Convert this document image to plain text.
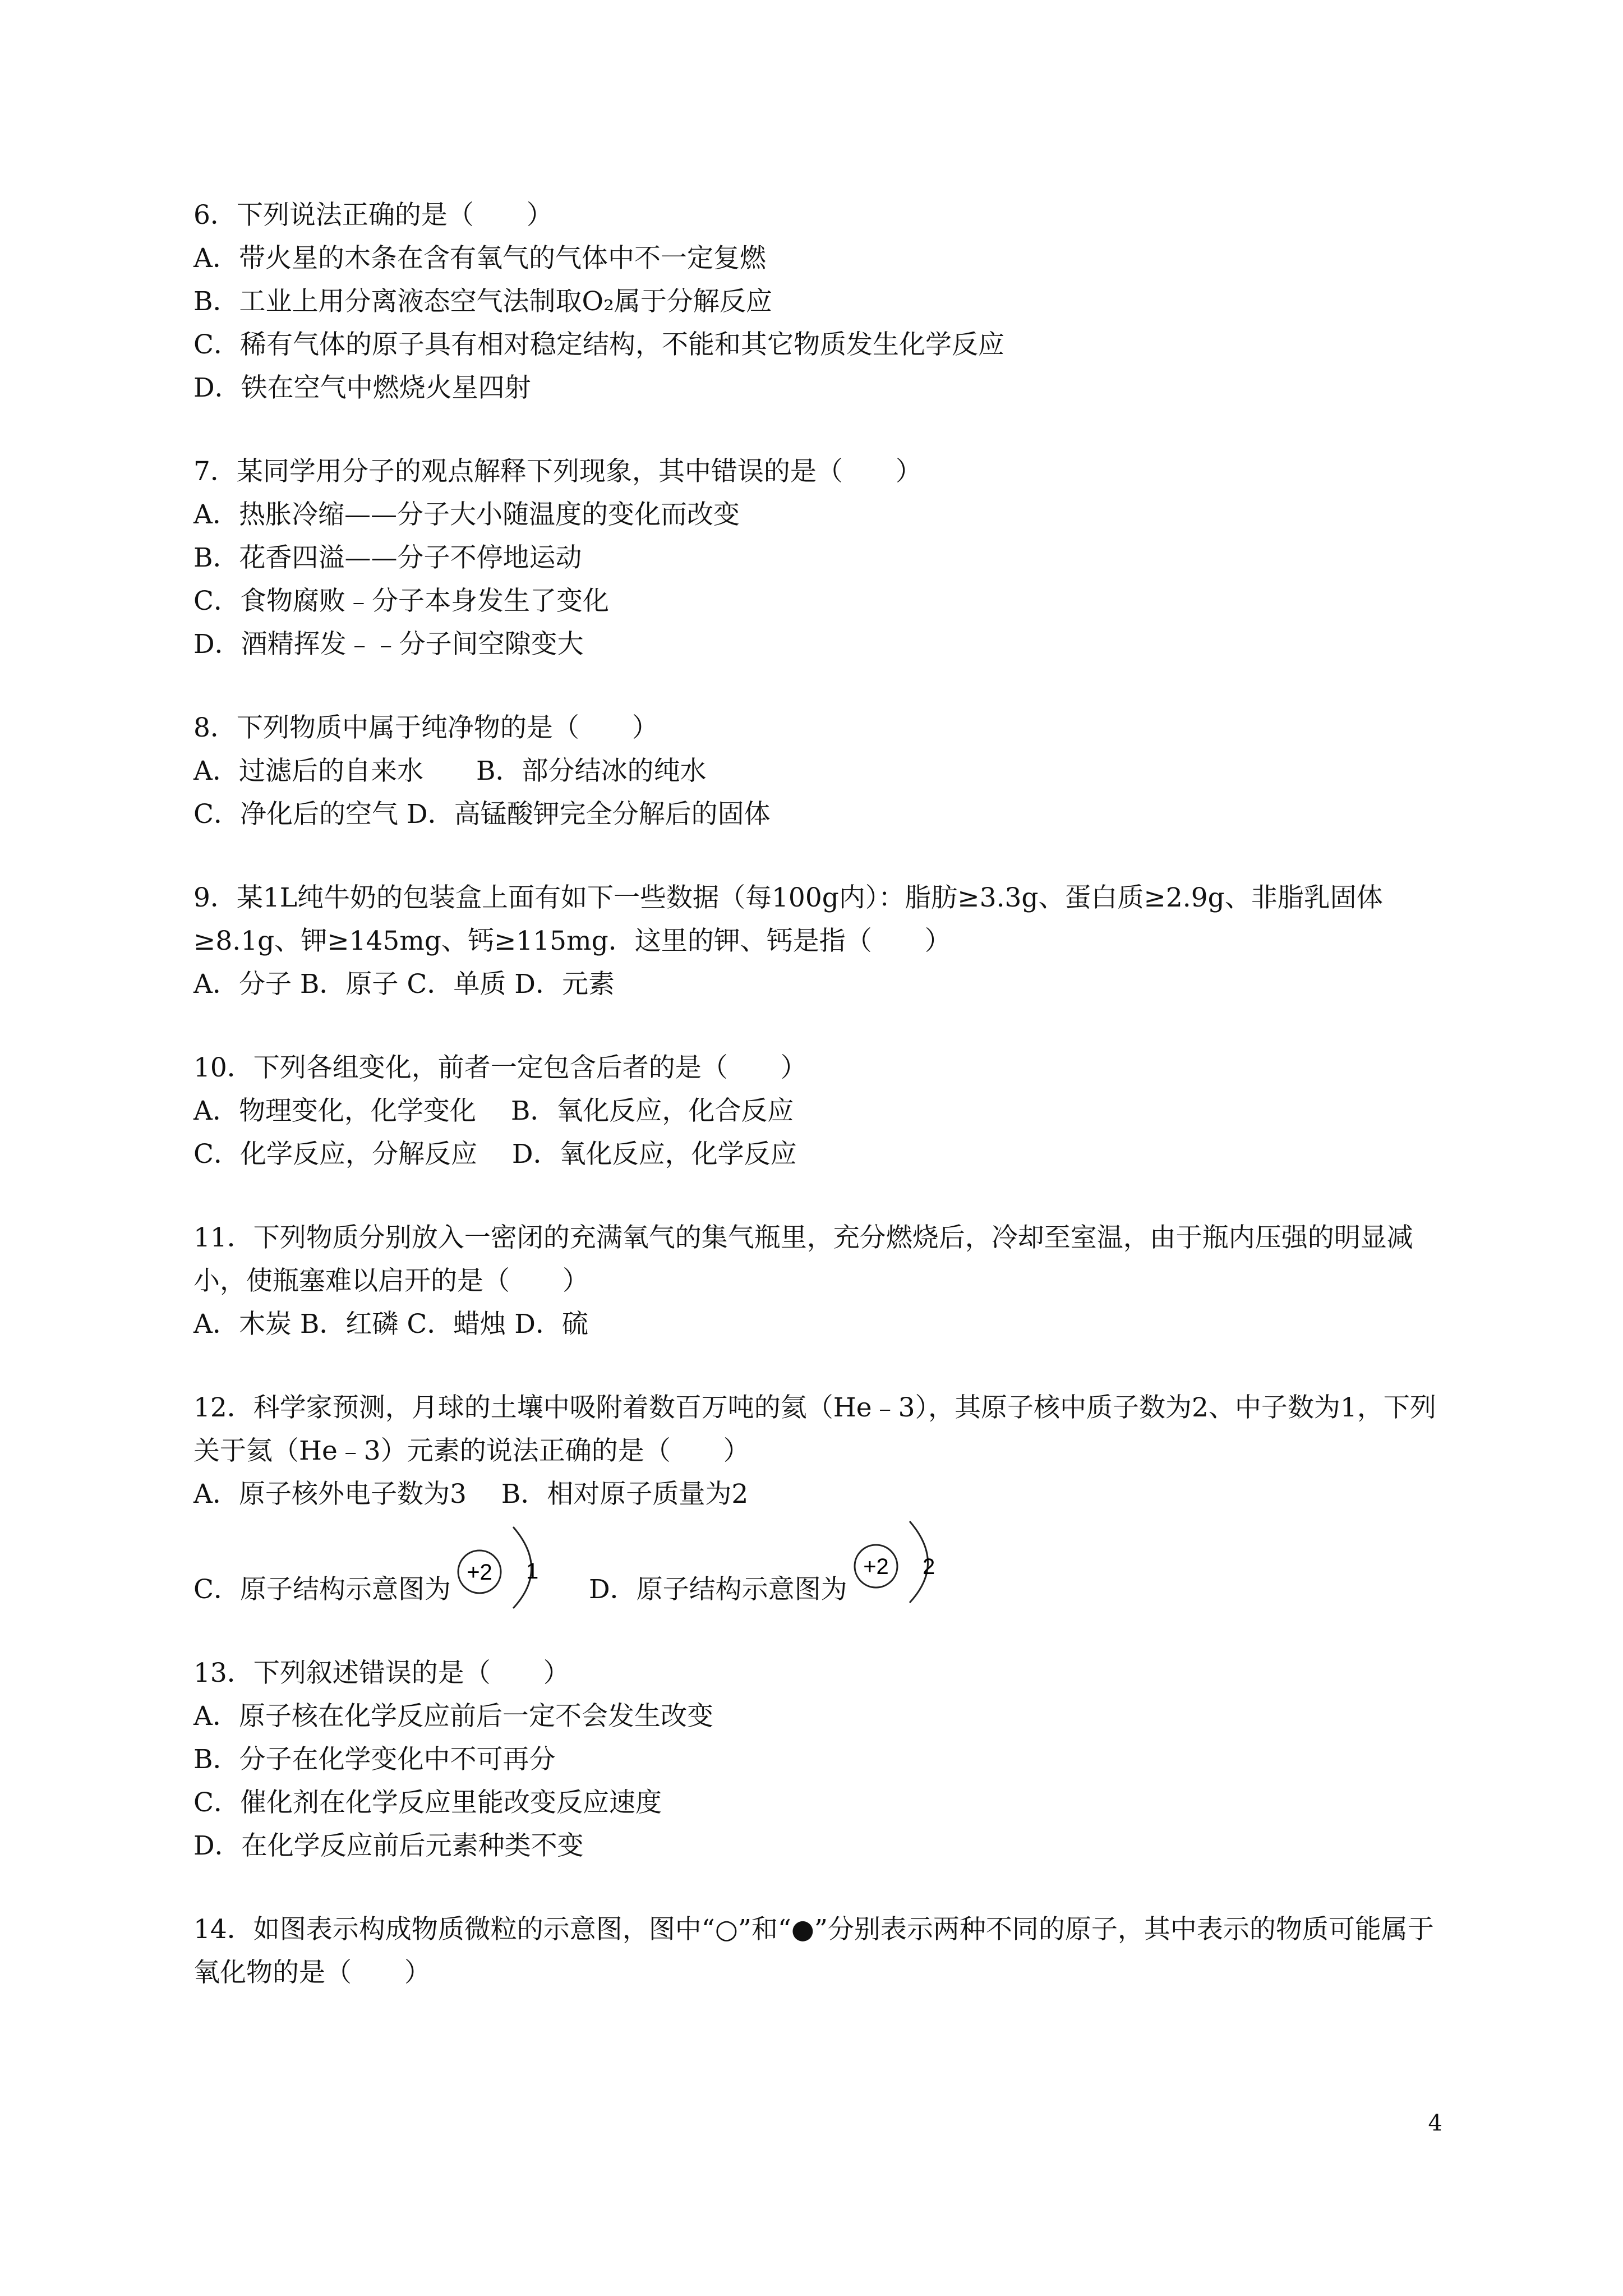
6．下列说法正确的是（　　）
A．带火星的木条在含有氧气的气体中不一定复燃
B．工业上用分离液态空气法制取O₂属于分解反应
C．稀有气体的原子具有相对稳定结构，不能和其它物质发生化学反应
D．铁在空气中燃烧火星四射
7．某同学用分子的观点解释下列现象，其中错误的是（　　）
A．热胀冷缩——分子大小随温度的变化而改变
B．花香四溢——分子不停地运动
C．食物腐败﹣分子本身发生了变化
D．酒精挥发﹣﹣分子间空隙变大
8．下列物质中属于纯净物的是（　　）
A．过滤后的自来水　　B．部分结冰的纯水
C．净化后的空气 D．高锰酸钾完全分解后的固体
9．某1L纯牛奶的包装盒上面有如下一些数据（每100g内）：脂肪≥3.3g、蛋白质≥2.9g、非脂乳固体≥8.1g、钾≥145mg、钙≥115mg．这里的钾、钙是指（　　）
A．分子 B．原子 C．单质 D．元素
10．下列各组变化，前者一定包含后者的是（　　）
A．物理变化，化学变化　 B．氧化反应，化合反应
C．化学反应，分解反应　 D．氧化反应，化学反应
11．下列物质分别放入一密闭的充满氧气的集气瓶里，充分燃烧后，冷却至室温，由于瓶内压强的明显减小，使瓶塞难以启开的是（　　）
A．木炭 B．红磷 C．蜡烛 D．硫
12．科学家预测，月球的土壤中吸附着数百万吨的氦（He﹣3），其原子核中质子数为2、中子数为1，下列关于氦（He﹣3）元素的说法正确的是（　　）
A．原子核外电子数为3　 B．相对原子质量为2
C．原子结构示意图为
+2 1
D．原子结构示意图为
+2 2
13．下列叙述错误的是（　　）
A．原子核在化学反应前后一定不会发生改变
B．分子在化学变化中不可再分
C．催化剂在化学反应里能改变反应速度
D．在化学反应前后元素种类不变
14．如图表示构成物质微粒的示意图，图中“○”和“●”分别表示两种不同的原子，其中表示的物质可能属于氧化物的是（　　）
4
